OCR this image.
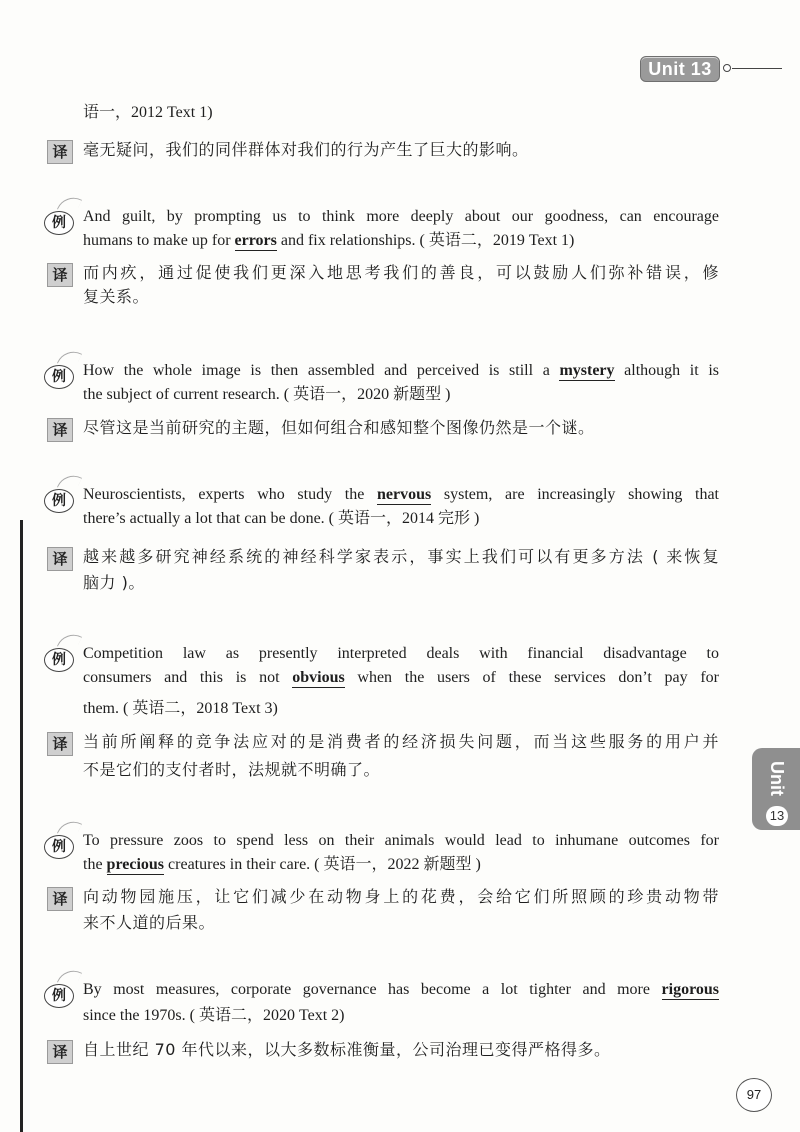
Unit 13
Unit
13
97
语一，2012 Text 1)
译 毫无疑问，我们的同伴群体对我们的行为产生了巨大的影响。
例	And guilt, by prompting us to think more deeply about our goodness, can encourage
humans to make up for errors and fix relationships. ( 英语二，2019 Text 1)
译 而内疚，通过促使我们更深入地思考我们的善良，可以鼓励人们弥补错误，修
复关系。
例	How the whole image is then assembled and perceived is still a mystery although it is
the subject of current research. ( 英语一，2020 新题型 )
译 尽管这是当前研究的主题，但如何组合和感知整个图像仍然是一个谜。
例	Neuroscientists, experts who study the nervous system, are increasingly showing that
there’s actually a lot that can be done. ( 英语一，2014 完形 )
译 越来越多研究神经系统的神经科学家表示，事实上我们可以有更多方法 ( 来恢复
脑力 )。
例	Competition law as presently interpreted deals with financial disadvantage to
consumers and this is not obvious when the users of these services don’t pay for
them. ( 英语二，2018 Text 3)
译 当前所阐释的竞争法应对的是消费者的经济损失问题，而当这些服务的用户并
不是它们的支付者时，法规就不明确了。
例	To pressure zoos to spend less on their animals would lead to inhumane outcomes for
the precious creatures in their care. ( 英语一，2022 新题型 )
译 向动物园施压，让它们减少在动物身上的花费，会给它们所照顾的珍贵动物带
来不人道的后果。
例	By most measures, corporate governance has become a lot tighter and more rigorous
since the 1970s. ( 英语二，2020 Text 2)
译 自上世纪 70 年代以来，以大多数标准衡量，公司治理已变得严格得多。
